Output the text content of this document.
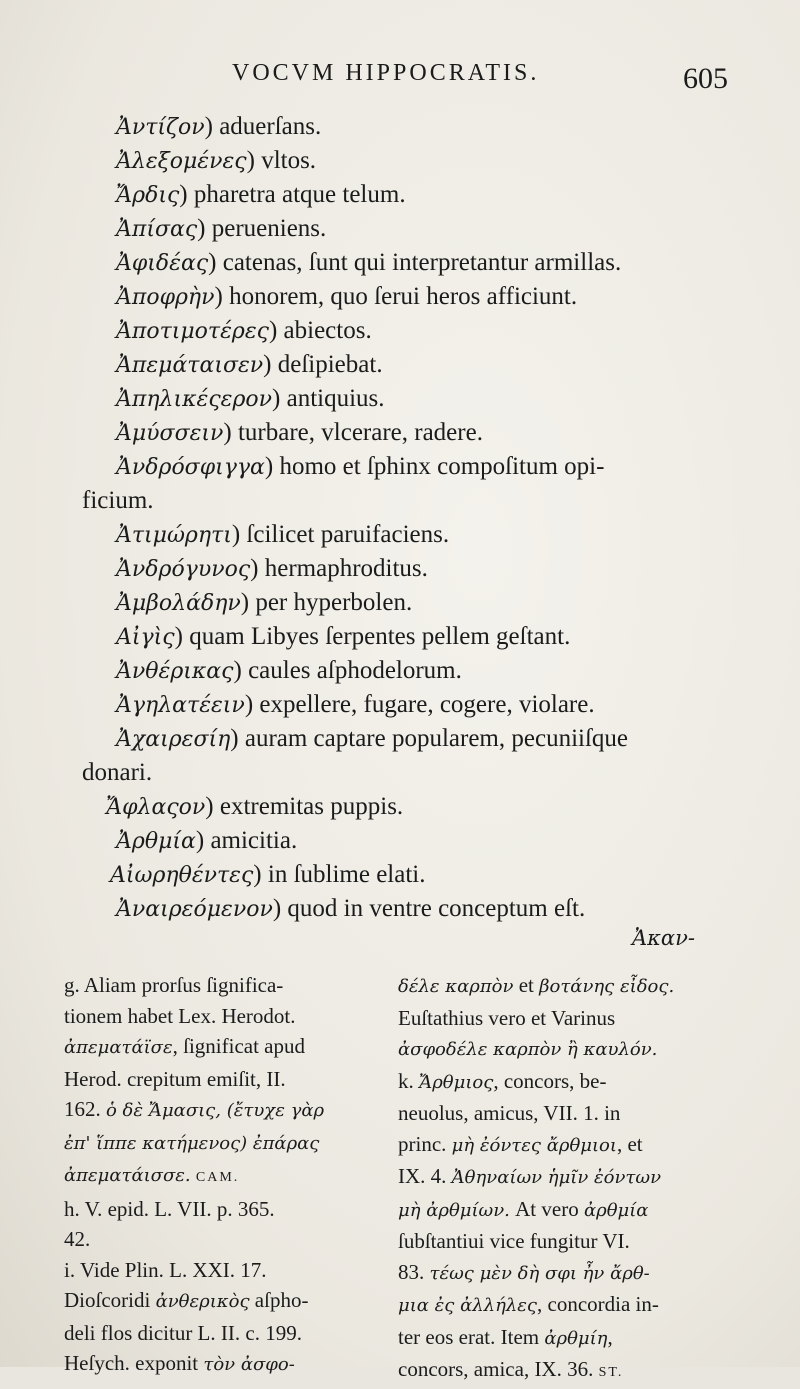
VOCVM HIPPOCRATIS.	605
Ἀντίζον) aduerſans.
Ἀλεξομένες) vltos.
Ἄρδις) pharetra atque telum.
Ἀπίσας) perueniens.
Ἀφιδέας) catenas, ſunt qui interpretantur armillas.
Ἀποφρὴν) honorem, quo ſerui heros afficiunt.
Ἀποτιμοτέρες) abiectos.
Ἀπεμάταισεν) deſipiebat.
Ἀπηλικέςερον) antiquius.
Ἀμύσσειν) turbare, vlcerare, radere.
Ἀνδρόσφιγγα) homo et ſphinx compoſitum opi-
ficium.
Ἀτιμώρητι) ſcilicet paruifaciens.
Ἀνδρόγυνος) hermaphroditus.
Ἀμβολάδην) per hyperbolen.
Αἰγὶς) quam Libyes ſerpentes pellem geſtant.
Ἀνθέρικας) caules aſphodelorum.
Ἀγηλατέειν) expellere, fugare, cogere, violare.
Ἀχαιρεσίη) auram captare popularem, pecuniiſque
donari.
Ἄφλαςον) extremitas puppis.
Ἀρθμία) amicitia.
Αἰωρηθέντες) in ſublime elati.
Ἀναιρεόμενον) quod in ventre conceptum eſt.
Ἀκαν-
g. Aliam prorſus ſignifica-
tionem habet Lex. Herodot.
ἀπεματάϊσε, ſignificat apud
Herod. crepitum emiſit, II.
162. ὁ δὲ Ἄμασις, (ἔτυχε γὰρ
ἐπ' ἵππε κατήμενος) ἐπάρας
ἀπεματάισσε. CAM.
h. V. epid. L. VII. p. 365.
42.
i. Vide Plin. L. XXI. 17.
Dioſcoridi ἀνθερικὸς aſpho-
deli flos dicitur L. II. c. 199.
Heſych. exponit τὸν ἀσφο-
δέλε καρπὸν et βοτάνης εἶδος.
Euſtathius vero et Varinus
ἀσφοδέλε καρπὸν ἢ καυλόν.
k. Ἄρθμιος, concors, be-
neuolus, amicus, VII. 1. in
princ. μὴ ἐόντες ἄρθμιοι, et
IX. 4. Ἀθηναίων ἡμῖν ἐόντων
μὴ ἀρθμίων. At vero ἀρθμία
ſubſtantiui vice fungitur VI.
83. τέως μὲν δὴ σφι ἦν ἄρθ-
μια ἐς ἀλλήλες, concordia in-
ter eos erat. Item ἀρθμίη,
concors, amica, IX. 36. ST.
